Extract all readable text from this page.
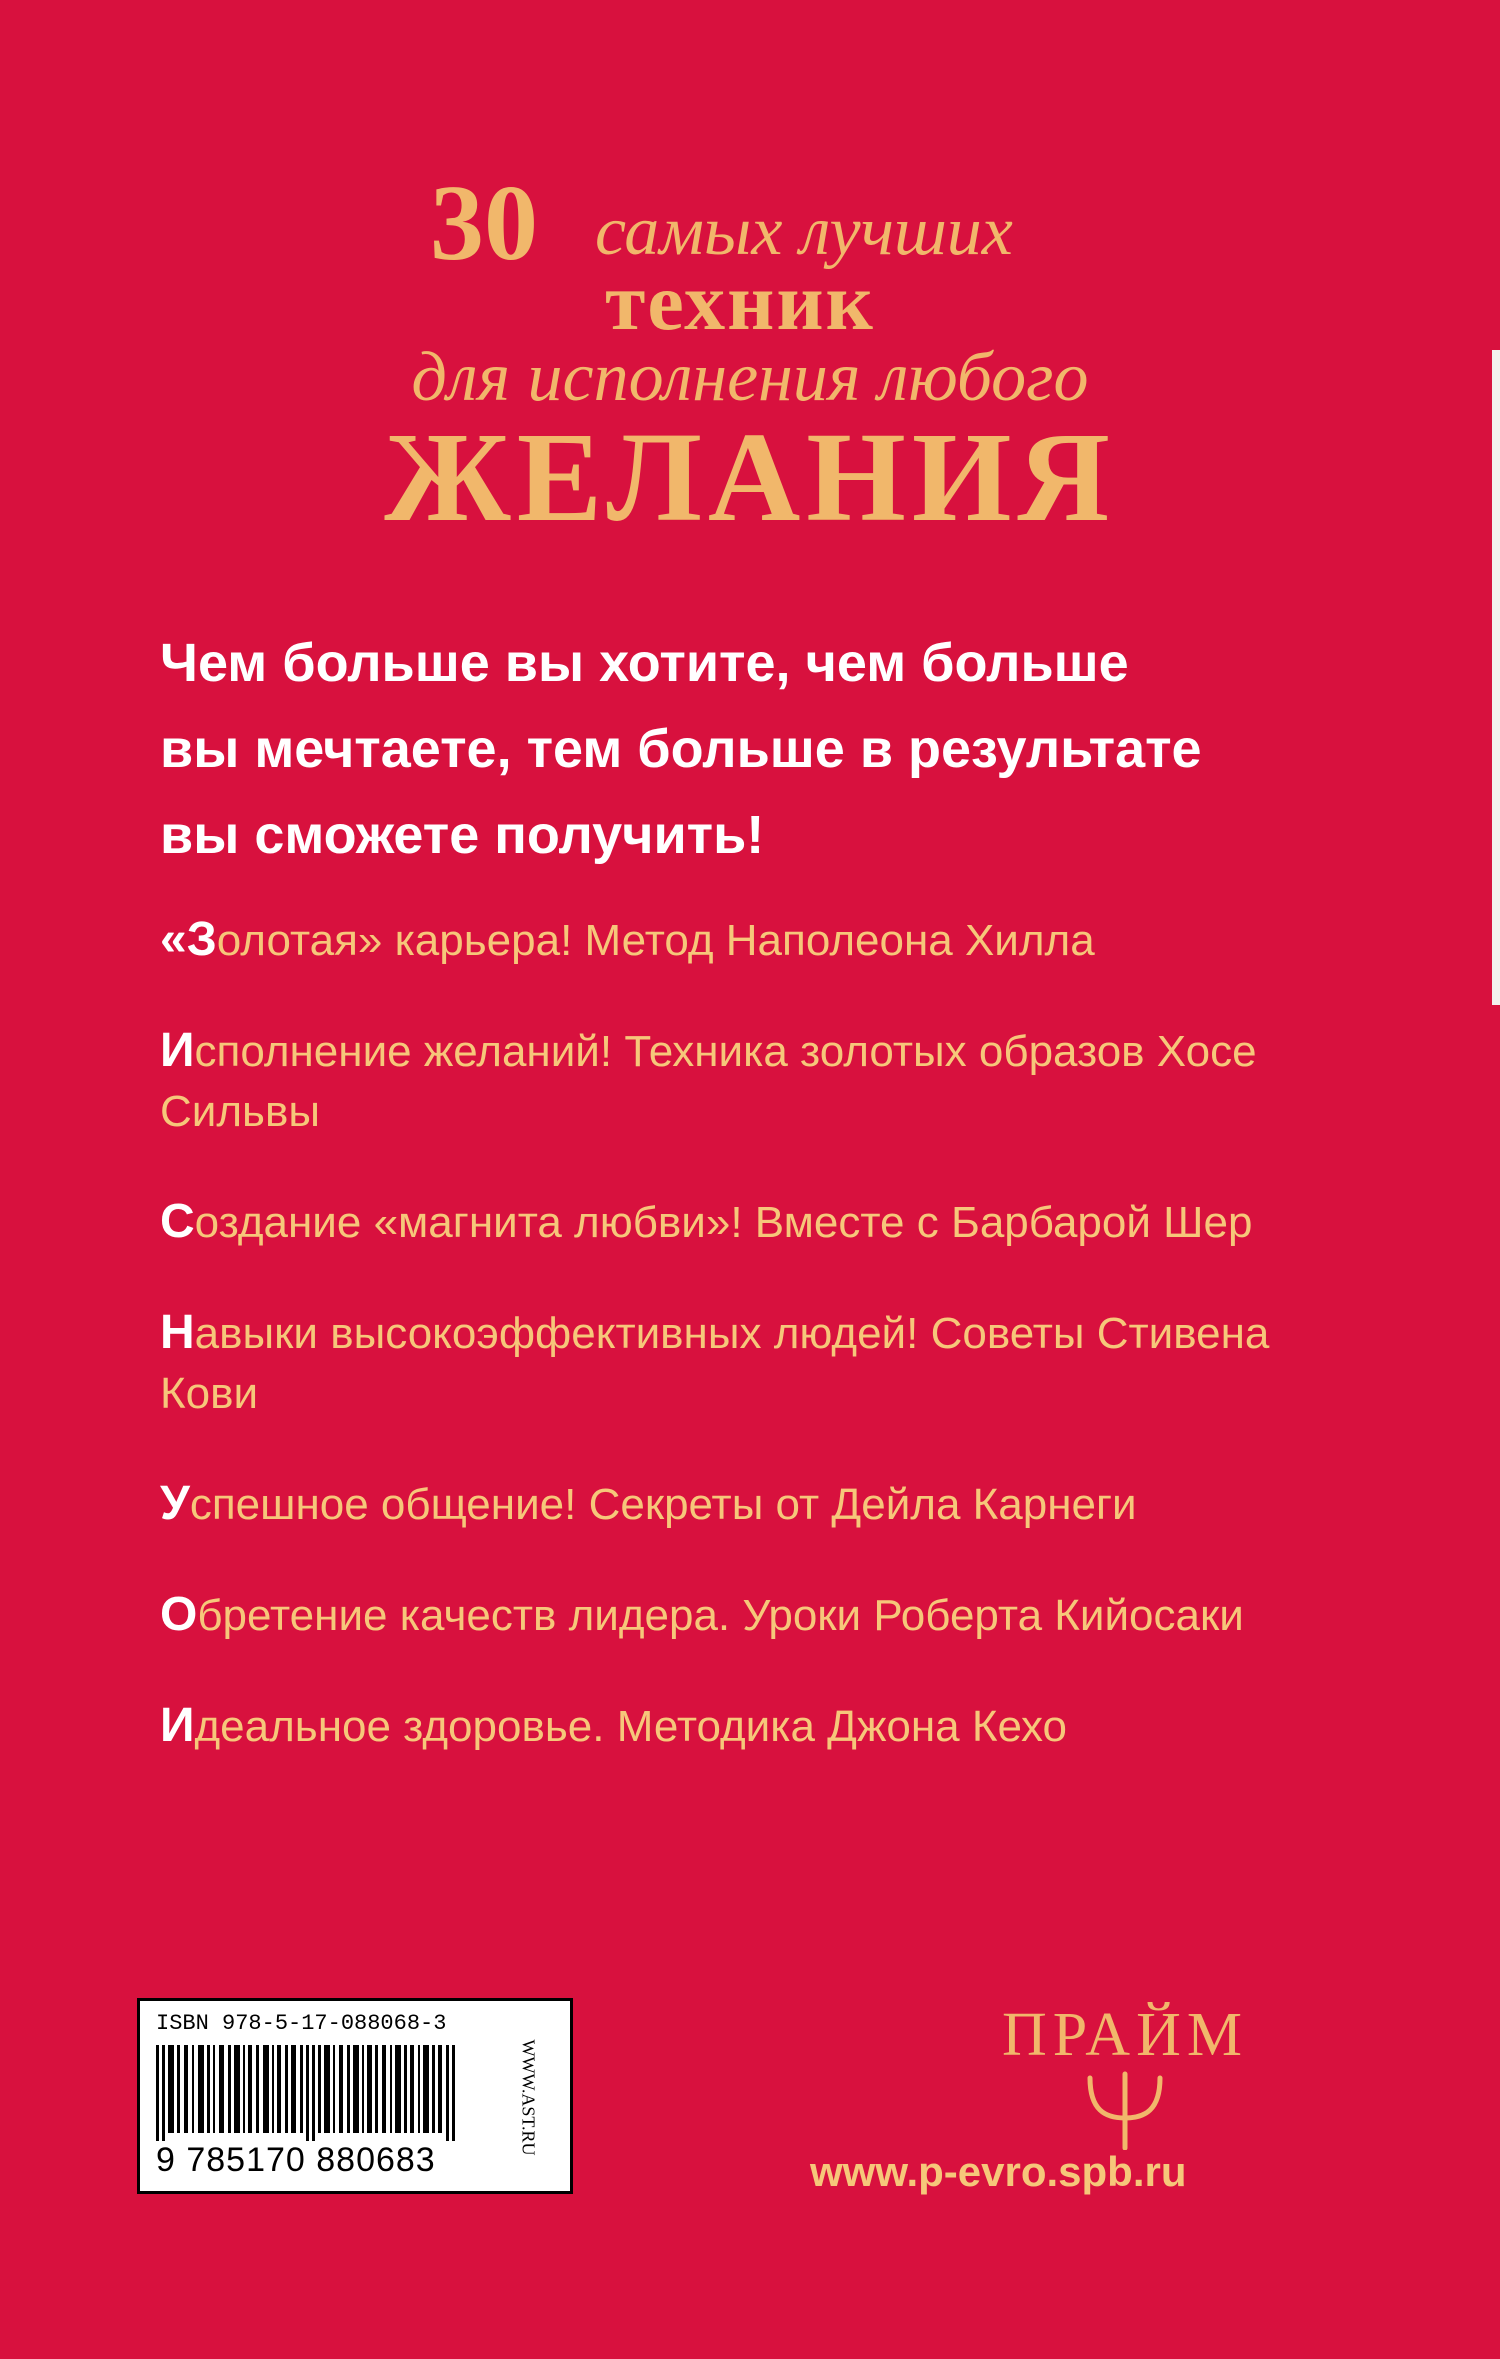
30 самых лучших
техник
для исполнения любого
ЖЕЛАНИЯ
Чем больше вы хотите, чем больше
вы мечтаете, тем больше в результате
вы сможете получить!
«Золотая» карьера! Метод Наполеона Хилла
Исполнение желаний! Техника золотых образов Хосе Сильвы
Создание «магнита любви»! Вместе с Барбарой Шер
Навыки высокоэффективных людей! Советы Стивена Кови
Успешное общение! Секреты от Дейла Карнеги
Обретение качеств лидера. Уроки Роберта Кийосаки
Идеальное здоровье. Методика Джона Кехо
ISBN 978-5-17-088068-3
9 785170 880683
WWW.AST.RU
ПРАЙМ
www.p-evro.spb.ru
